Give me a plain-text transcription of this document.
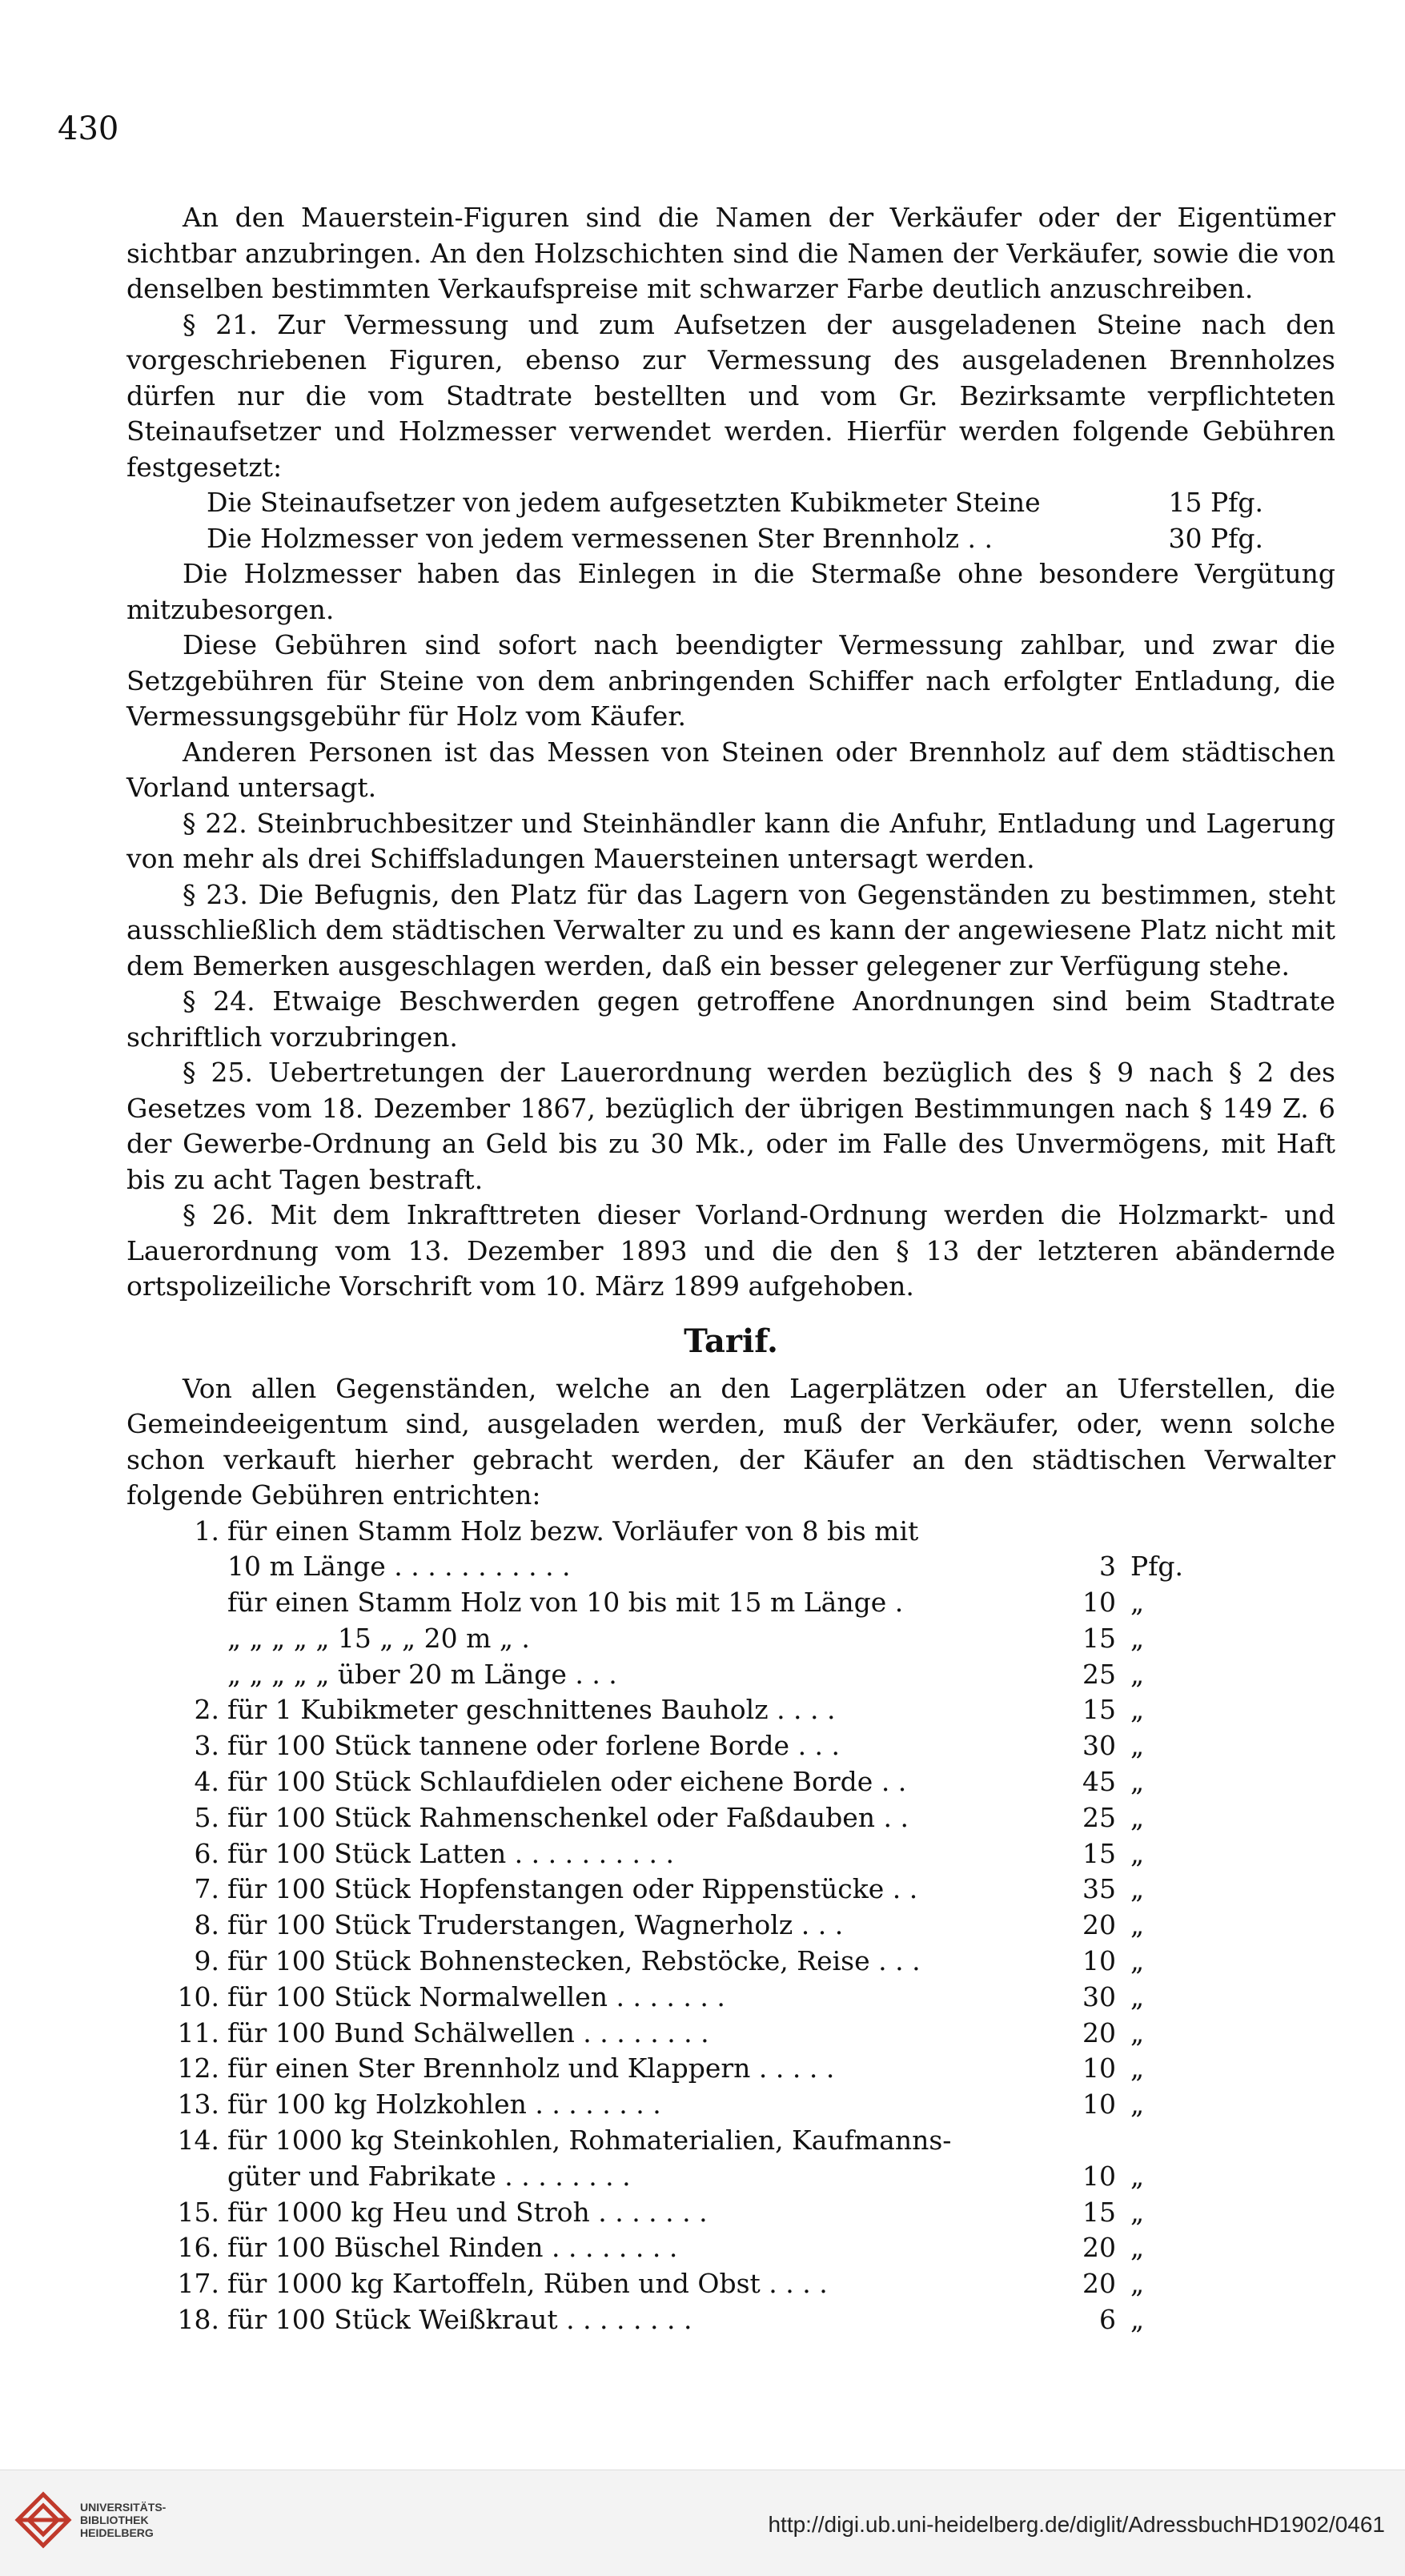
430

An den Mauerstein-Figuren sind die Namen der Verkäufer oder der Eigentümer sichtbar anzubringen. An den Holzschichten sind die Namen der Verkäufer, sowie die von denselben bestimmten Verkaufspreise mit schwarzer Farbe deutlich anzuschreiben.

§ 21. Zur Vermessung und zum Aufsetzen der ausgeladenen Steine nach den vorgeschriebenen Figuren, ebenso zur Vermessung des ausgeladenen Brennholzes dürfen nur die vom Stadtrate bestellten und vom Gr. Bezirksamte verpflichteten Steinaufsetzer und Holzmesser verwendet werden. Hierfür werden folgende Gebühren festgesetzt:

Die Steinaufsetzer von jedem aufgesetzten Kubikmeter Steine	15 Pfg.
Die Holzmesser von jedem vermessenen Ster Brennholz . .	30 Pfg.

Die Holzmesser haben das Einlegen in die Stermaße ohne besondere Vergütung mitzubesorgen.

Diese Gebühren sind sofort nach beendigter Vermessung zahlbar, und zwar die Setzgebühren für Steine von dem anbringenden Schiffer nach erfolgter Entladung, die Vermessungsgebühr für Holz vom Käufer.

Anderen Personen ist das Messen von Steinen oder Brennholz auf dem städtischen Vorland untersagt.

§ 22. Steinbruchbesitzer und Steinhändler kann die Anfuhr, Entladung und Lagerung von mehr als drei Schiffsladungen Mauersteinen untersagt werden.

§ 23. Die Befugnis, den Platz für das Lagern von Gegenständen zu bestimmen, steht ausschließlich dem städtischen Verwalter zu und es kann der angewiesene Platz nicht mit dem Bemerken ausgeschlagen werden, daß ein besser gelegener zur Verfügung stehe.

§ 24. Etwaige Beschwerden gegen getroffene Anordnungen sind beim Stadtrate schriftlich vorzubringen.

§ 25. Uebertretungen der Lauerordnung werden bezüglich des § 9 nach § 2 des Gesetzes vom 18. Dezember 1867, bezüglich der übrigen Bestimmungen nach § 149 Z. 6 der Gewerbe-Ordnung an Geld bis zu 30 Mk., oder im Falle des Unvermögens, mit Haft bis zu acht Tagen bestraft.

§ 26. Mit dem Inkrafttreten dieser Vorland-Ordnung werden die Holzmarkt- und Lauerordnung vom 13. Dezember 1893 und die den § 13 der letzteren abändernde ortspolizeiliche Vorschrift vom 10. März 1899 aufgehoben.

Tarif.

Von allen Gegenständen, welche an den Lagerplätzen oder an Uferstellen, die Gemeindeeigentum sind, ausgeladen werden, muß der Verkäufer, oder, wenn solche schon verkauft hierher gebracht werden, der Käufer an den städtischen Verwalter folgende Gebühren entrichten:

1.	für einen Stamm Holz bezw. Vorläufer von 8 bis mit		
	10 m Länge . . . . . . . . . . .	3	Pfg.
	für einen Stamm Holz von 10 bis mit 15 m Länge .	10	„
	„ „ „ „ „ 15 „ „ 20 m „ .	15	„
	„ „ „ „ „ über 20 m Länge . . .	25	„
2.	für 1 Kubikmeter geschnittenes Bauholz . . . .	15	„
3.	für 100 Stück tannene oder forlene Borde . . .	30	„
4.	für 100 Stück Schlaufdielen oder eichene Borde . .	45	„
5.	für 100 Stück Rahmenschenkel oder Faßdauben . .	25	„
6.	für 100 Stück Latten . . . . . . . . . .	15	„
7.	für 100 Stück Hopfenstangen oder Rippenstücke . .	35	„
8.	für 100 Stück Truderstangen, Wagnerholz . . .	20	„
9.	für 100 Stück Bohnenstecken, Rebstöcke, Reise . . .	10	„
10.	für 100 Stück Normalwellen . . . . . . .	30	„
11.	für 100 Bund Schälwellen . . . . . . . .	20	„
12.	für einen Ster Brennholz und Klappern . . . . .	10	„
13.	für 100 kg Holzkohlen . . . . . . . .	10	„
14.	für 1000 kg Steinkohlen, Rohmaterialien, Kaufmanns-		
	güter und Fabrikate . . . . . . . .	10	„
15.	für 1000 kg Heu und Stroh . . . . . . .	15	„
16.	für 100 Büschel Rinden . . . . . . . .	20	„
17.	für 1000 kg Kartoffeln, Rüben und Obst . . . .	20	„
18.	für 100 Stück Weißkraut . . . . . . . .	6	„
UNIVERSITÄTS-
BIBLIOTHEK
HEIDELBERG	http://digi.ub.uni-heidelberg.de/diglit/AdressbuchHD1902/0461
